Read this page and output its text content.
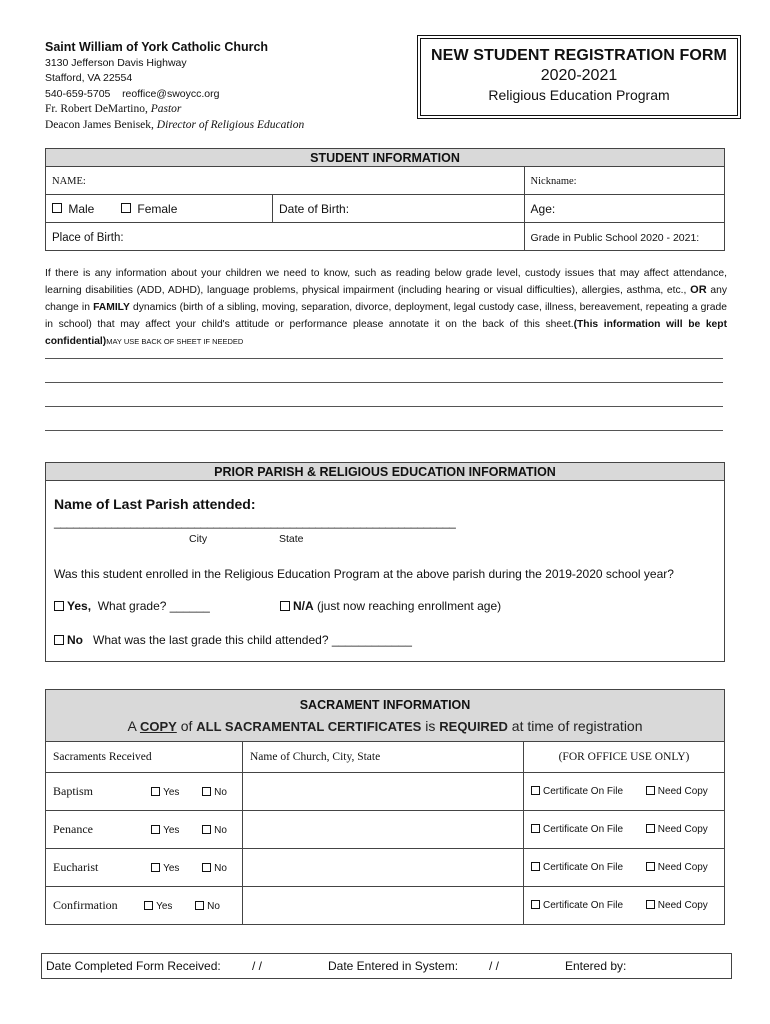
Saint William of York Catholic Church
3130 Jefferson Davis Highway
Stafford, VA 22554
540-659-5705 reoffice@swoycc.org
Fr. Robert DeMartino, Pastor
Deacon James Benisek, Director of Religious Education
NEW STUDENT REGISTRATION FORM
2020-2021
Religious Education Program
STUDENT INFORMATION		
NAME:		Nickname:
Male Female	Date of Birth:	Age:
Place of Birth:		Grade in Public School 2020 - 2021:
If there is any information about your children we need to know, such as reading below grade level, custody issues that may affect attendance, learning disabilities (ADD, ADHD), language problems, physical impairment (including hearing or visual difficulties), allergies, asthma, etc., OR any change in FAMILY dynamics (birth of a sibling, moving, separation, divorce, deployment, legal custody case, illness, bereavement, repeating a grade in school) that may affect your child's attitude or performance please annotate it on the back of this sheet.(This information will be kept confidential)MAY USE BACK OF SHEET IF NEEDED
PRIOR PARISH & RELIGIOUS EDUCATION INFORMATION
Name of Last Parish attended:
_______________________________________________________________
City	State
Was this student enrolled in the Religious Education Program at the above parish during the 2019-2020 school year?
Yes, What grade? ______	N/A (just now reaching enrollment age)
No What was the last grade this child attended? ____________
SACRAMENT INFORMATION
A COPY of ALL SACRAMENTAL CERTIFICATES is REQUIRED at time of registration		

Sacraments Received	Name of Church, City, State	(FOR OFFICE USE ONLY)
Baptism Yes No		Certificate On File Need Copy
Penance Yes No		Certificate On File Need Copy
Eucharist Yes No		Certificate On File Need Copy
Confirmation Yes No		Certificate On File Need Copy
Date Completed Form Received:	/ /	Date Entered in System:	/ /	Entered by:
